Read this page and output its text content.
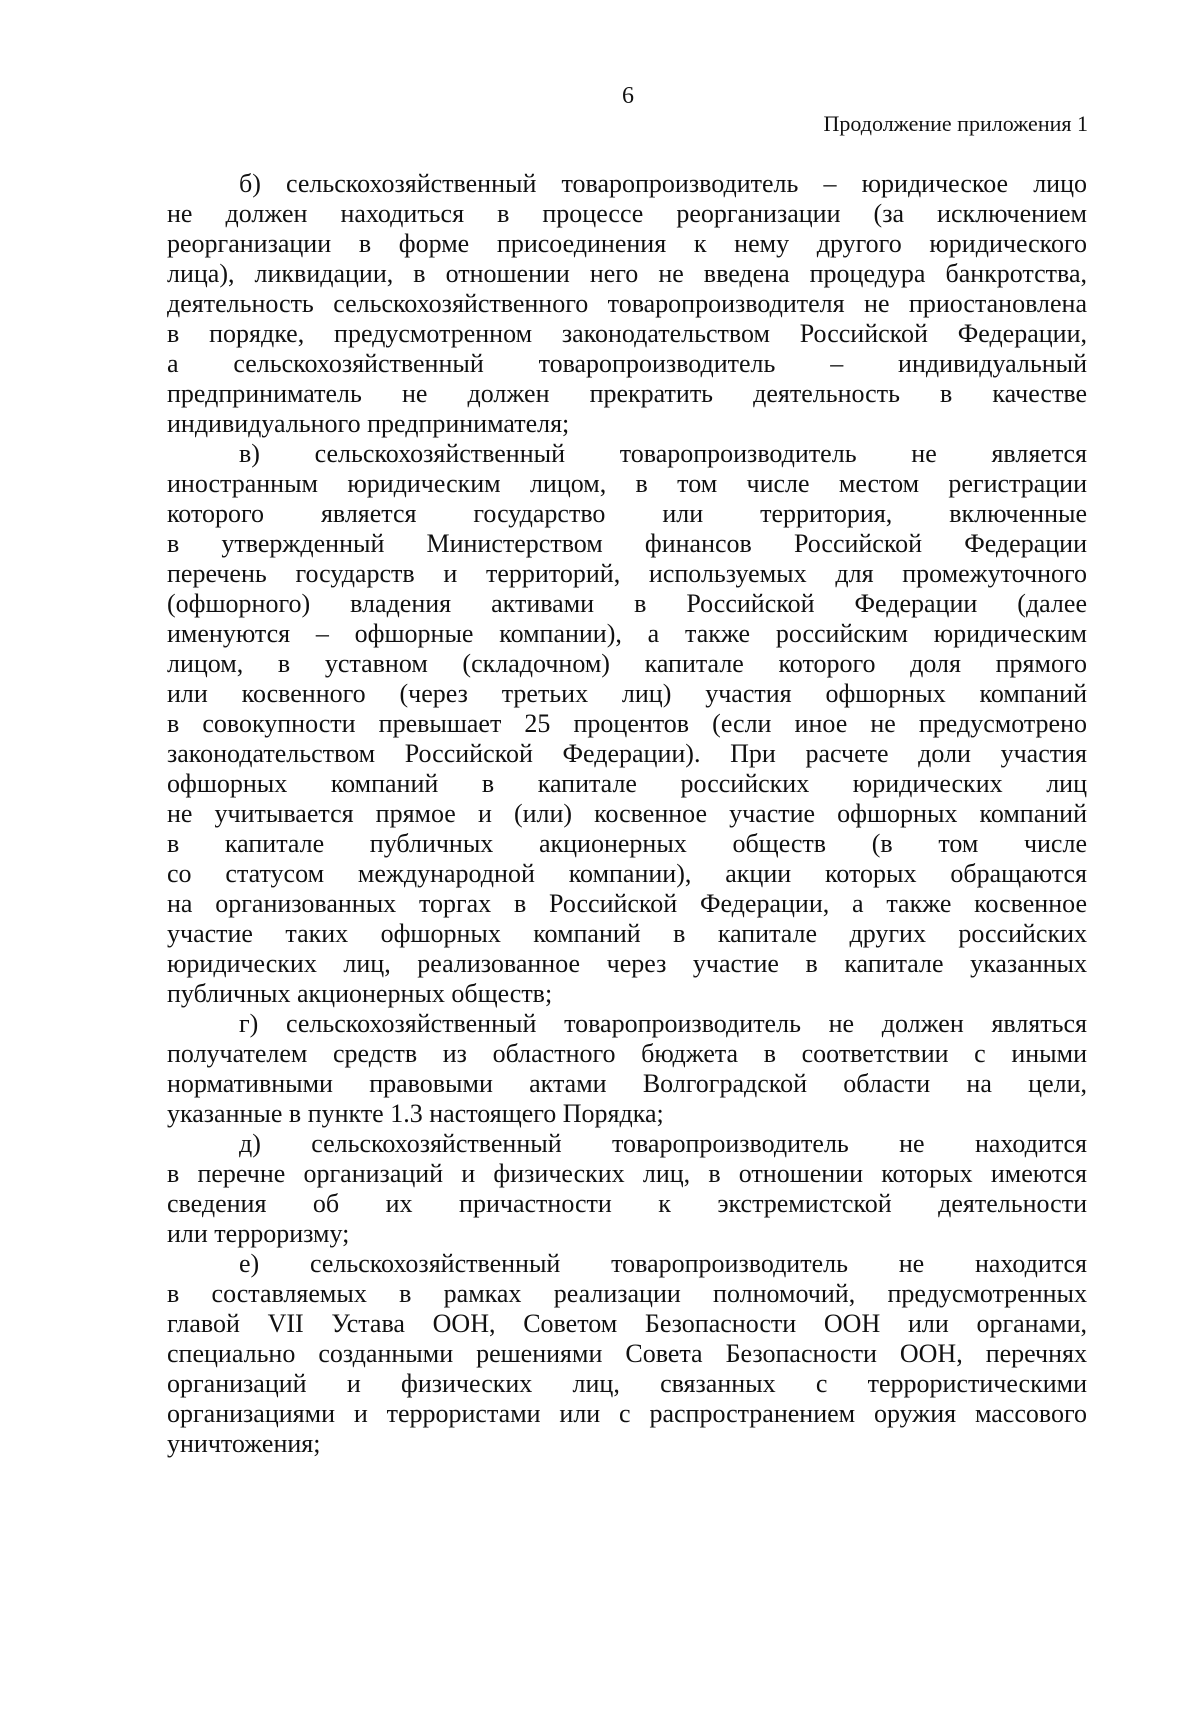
6
Продолжение приложения 1
б) сельскохозяйственный товаропроизводитель – юридическое лицо
не должен находиться в процессе реорганизации (за исключением
реорганизации в форме присоединения к нему другого юридического
лица), ликвидации, в отношении него не введена процедура банкротства,
деятельность сельскохозяйственного товаропроизводителя не приостановлена
в порядке, предусмотренном законодательством Российской Федерации,
а сельскохозяйственный товаропроизводитель – индивидуальный
предприниматель не должен прекратить деятельность в качестве
индивидуального предпринимателя;
в) сельскохозяйственный товаропроизводитель не является
иностранным юридическим лицом, в том числе местом регистрации
которого является государство или территория, включенные
в утвержденный Министерством финансов Российской Федерации
перечень государств и территорий, используемых для промежуточного
(офшорного) владения активами в Российской Федерации (далее
именуются – офшорные компании), а также российским юридическим
лицом, в уставном (складочном) капитале которого доля прямого
или косвенного (через третьих лиц) участия офшорных компаний
в совокупности превышает 25 процентов (если иное не предусмотрено
законодательством Российской Федерации). При расчете доли участия
офшорных компаний в капитале российских юридических лиц
не учитывается прямое и (или) косвенное участие офшорных компаний
в капитале публичных акционерных обществ (в том числе
со статусом международной компании), акции которых обращаются
на организованных торгах в Российской Федерации, а также косвенное
участие таких офшорных компаний в капитале других российских
юридических лиц, реализованное через участие в капитале указанных
публичных акционерных обществ;
г) сельскохозяйственный товаропроизводитель не должен являться
получателем средств из областного бюджета в соответствии с иными
нормативными правовыми актами Волгоградской области на цели,
указанные в пункте 1.3 настоящего Порядка;
д) сельскохозяйственный товаропроизводитель не находится
в перечне организаций и физических лиц, в отношении которых имеются
сведения об их причастности к экстремистской деятельности
или терроризму;
е) сельскохозяйственный товаропроизводитель не находится
в составляемых в рамках реализации полномочий, предусмотренных
главой VII Устава ООН, Советом Безопасности ООН или органами,
специально созданными решениями Совета Безопасности ООН, перечнях
организаций и физических лиц, связанных с террористическими
организациями и террористами или с распространением оружия массового
уничтожения;
